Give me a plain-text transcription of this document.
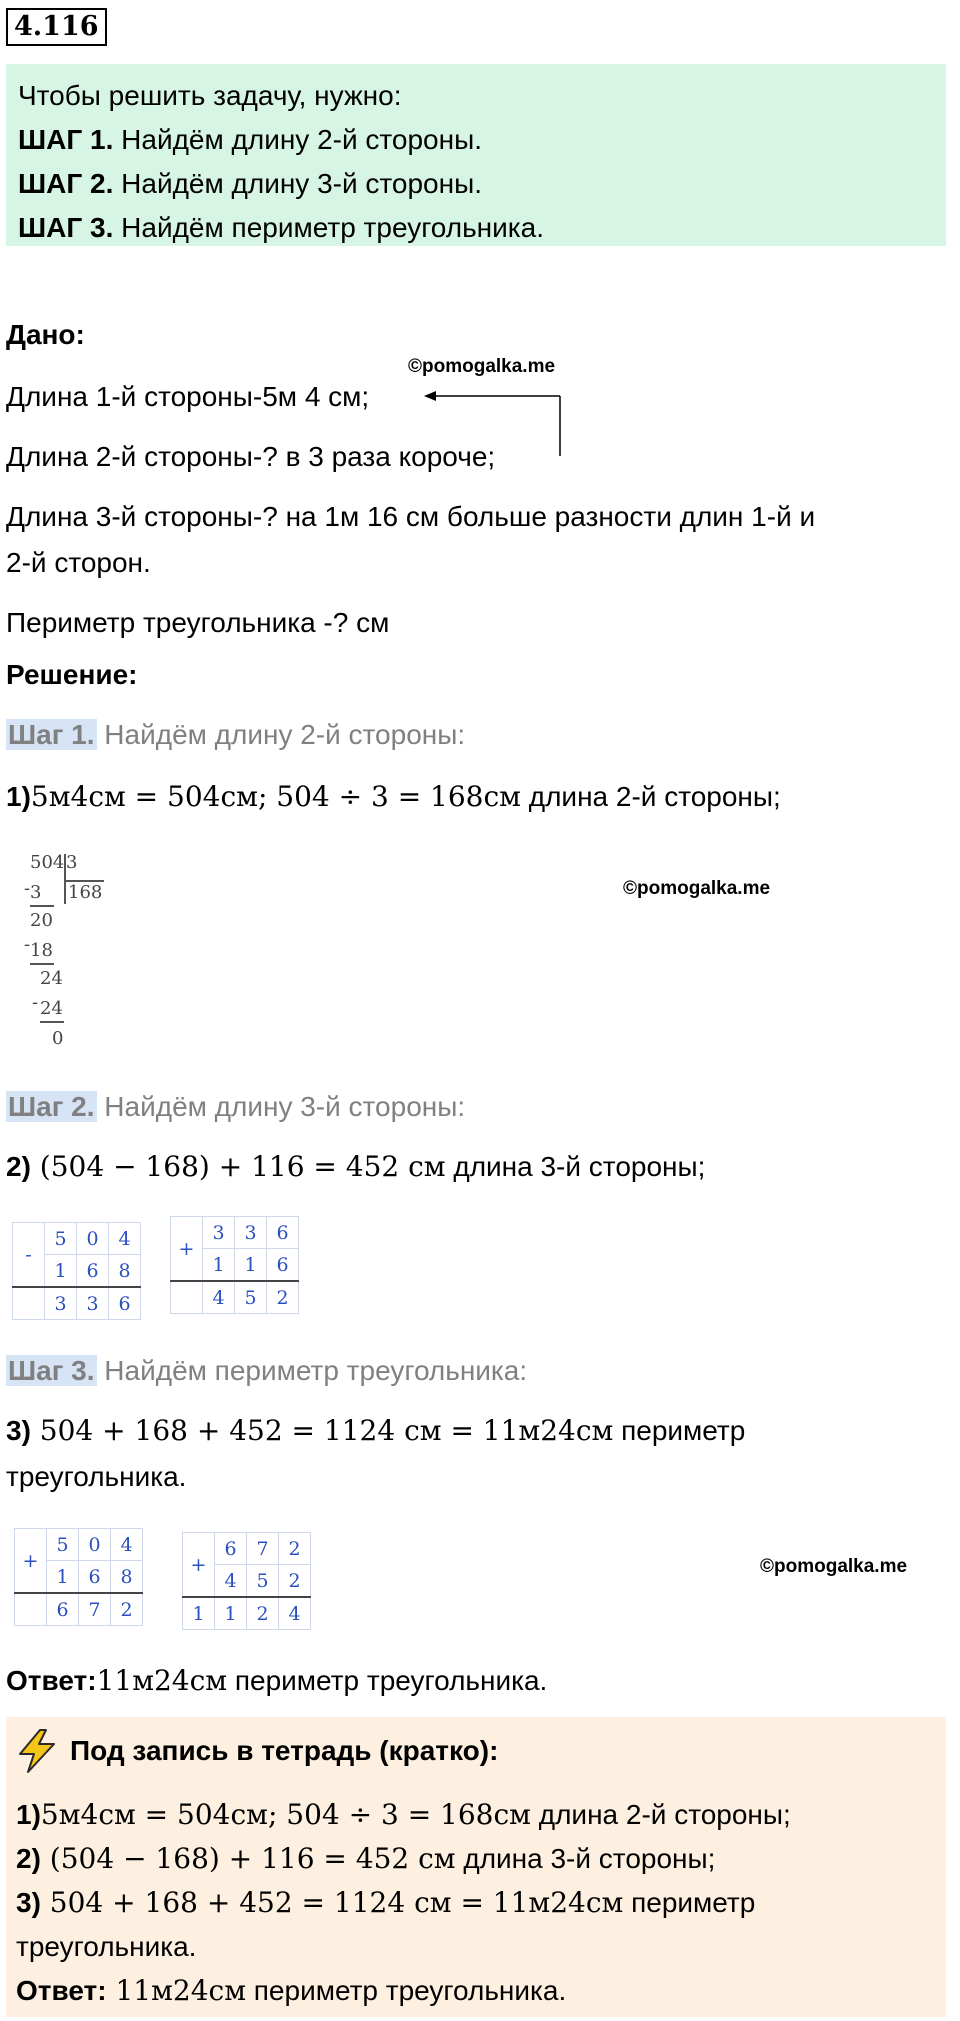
4.116
Чтобы решить задачу, нужно:
ШАГ 1. Найдём длину 2-й стороны.
ШАГ 2. Найдём длину 3-й стороны.
ШАГ 3. Найдём периметр треугольника.
Дано:
©pomogalka.me
Длина 1-й стороны-5м 4 см;
Длина 2-й стороны-? в 3 раза короче;
Длина 3-й стороны-? на 1м 16 см больше разности длин 1-й и
2-й сторон.
Периметр треугольника -? см
Решение:
Шаг 1. Найдём длину 2-й стороны:
1)5м4см = 504см; 504 ÷ 3 = 168см длина 2-й стороны;
504 3
168
- 3
20
- 18
24
- 24
0
©pomogalka.me
Шаг 2. Найдём длину 3-й стороны:
2) (504 − 168) + 116 = 452 см длина 3-й стороны;
-	5	0	4
	1	6	8
	3	3	6
+	3	3	6
	1	1	6
	4	5	2
Шаг 3. Найдём периметр треугольника:
3) 504 + 168 + 452 = 1124 см = 11м24см периметр
треугольника.
+	5	0	4
	1	6	8
	6	7	2
+	6	7	2
	4	5	2
1	1	2	4
©pomogalka.me
Ответ:11м24см периметр треугольника.
Под запись в тетрадь (кратко):
1)5м4см = 504см; 504 ÷ 3 = 168см длина 2-й стороны;
2) (504 − 168) + 116 = 452 см длина 3-й стороны;
3) 504 + 168 + 452 = 1124 см = 11м24см периметр
треугольника.
Ответ: 11м24см периметр треугольника.
